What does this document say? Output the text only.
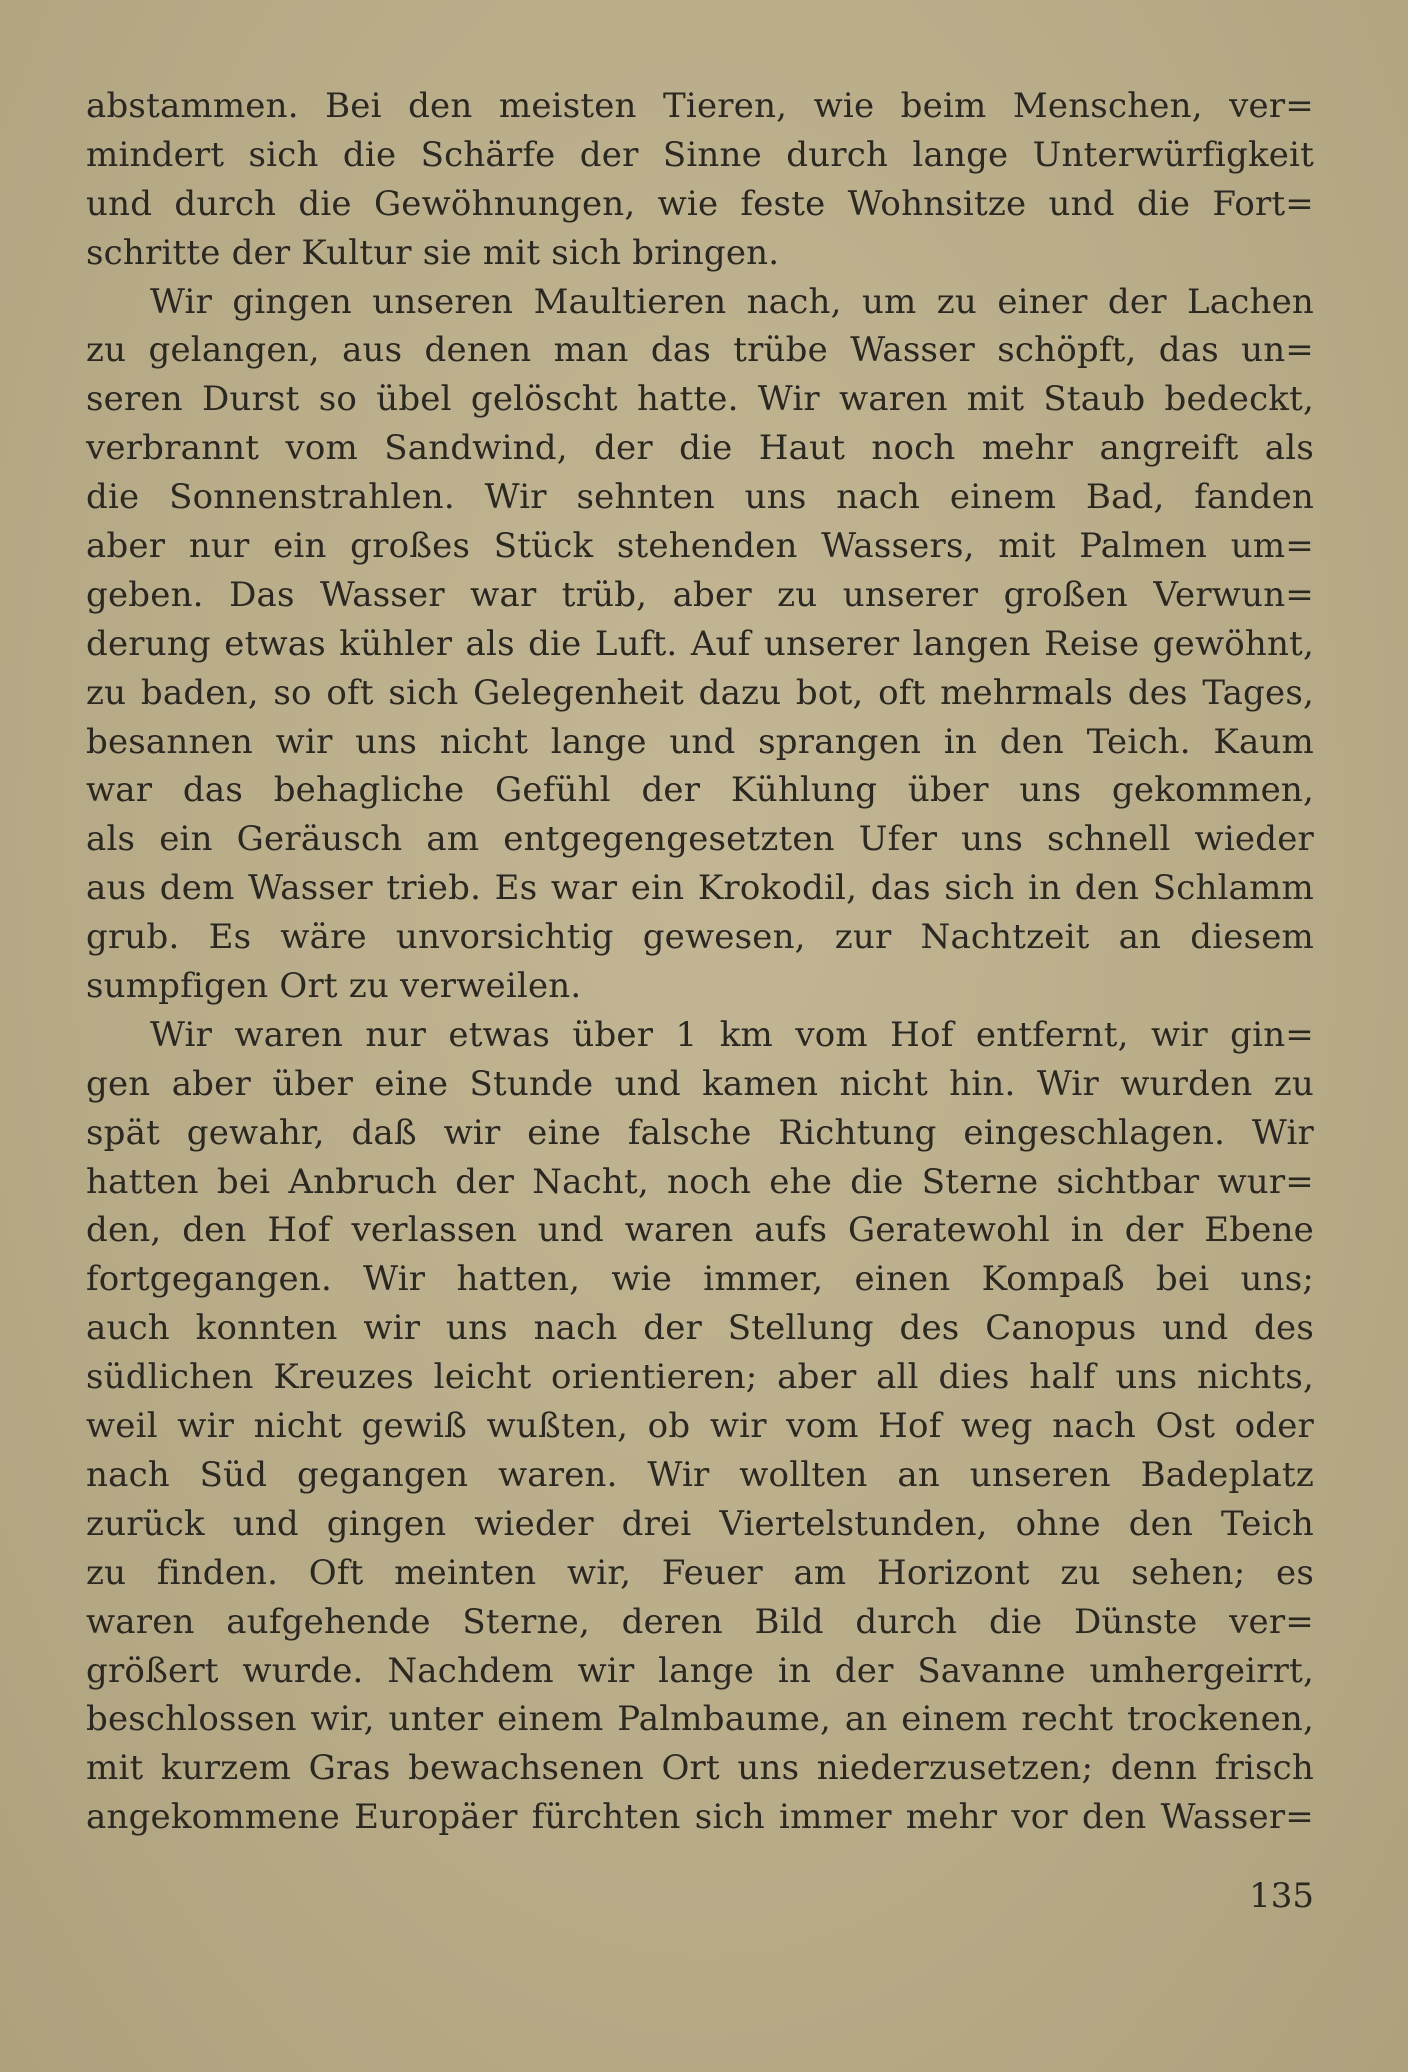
abstammen. Bei den meisten Tieren, wie beim Menschen, ver=
mindert sich die Schärfe der Sinne durch lange Unterwürfigkeit
und durch die Gewöhnungen, wie feste Wohnsitze und die Fort=
schritte der Kultur sie mit sich bringen.
Wir gingen unseren Maultieren nach, um zu einer der Lachen
zu gelangen, aus denen man das trübe Wasser schöpft, das un=
seren Durst so übel gelöscht hatte. Wir waren mit Staub bedeckt,
verbrannt vom Sandwind, der die Haut noch mehr angreift als
die Sonnenstrahlen. Wir sehnten uns nach einem Bad, fanden
aber nur ein großes Stück stehenden Wassers, mit Palmen um=
geben. Das Wasser war trüb, aber zu unserer großen Verwun=
derung etwas kühler als die Luft. Auf unserer langen Reise gewöhnt,
zu baden, so oft sich Gelegenheit dazu bot, oft mehrmals des Tages,
besannen wir uns nicht lange und sprangen in den Teich. Kaum
war das behagliche Gefühl der Kühlung über uns gekommen,
als ein Geräusch am entgegengesetzten Ufer uns schnell wieder
aus dem Wasser trieb. Es war ein Krokodil, das sich in den Schlamm
grub. Es wäre unvorsichtig gewesen, zur Nachtzeit an diesem
sumpfigen Ort zu verweilen.
Wir waren nur etwas über 1 km vom Hof entfernt, wir gin=
gen aber über eine Stunde und kamen nicht hin. Wir wurden zu
spät gewahr, daß wir eine falsche Richtung eingeschlagen. Wir
hatten bei Anbruch der Nacht, noch ehe die Sterne sichtbar wur=
den, den Hof verlassen und waren aufs Geratewohl in der Ebene
fortgegangen. Wir hatten, wie immer, einen Kompaß bei uns;
auch konnten wir uns nach der Stellung des Canopus und des
südlichen Kreuzes leicht orientieren; aber all dies half uns nichts,
weil wir nicht gewiß wußten, ob wir vom Hof weg nach Ost oder
nach Süd gegangen waren. Wir wollten an unseren Badeplatz
zurück und gingen wieder drei Viertelstunden, ohne den Teich
zu finden. Oft meinten wir, Feuer am Horizont zu sehen; es
waren aufgehende Sterne, deren Bild durch die Dünste ver=
größert wurde. Nachdem wir lange in der Savanne umhergeirrt,
beschlossen wir, unter einem Palmbaume, an einem recht trockenen,
mit kurzem Gras bewachsenen Ort uns niederzusetzen; denn frisch
angekommene Europäer fürchten sich immer mehr vor den Wasser=
135
